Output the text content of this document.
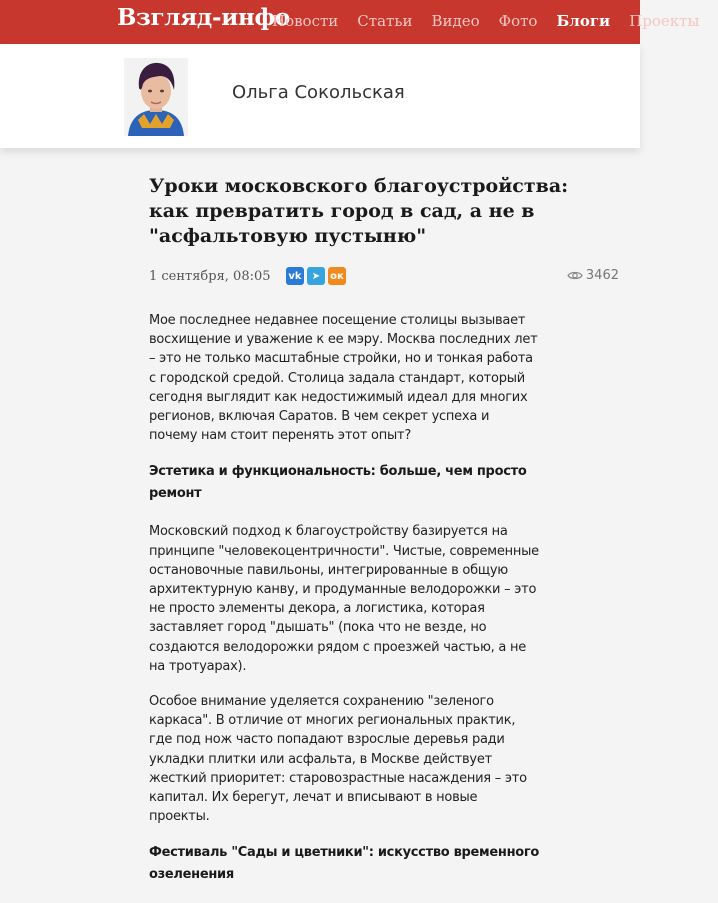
Взгляд-инфо
Новости Статьи Видео Фото Блоги Проекты
Ольга Сокольская
Уроки московского благоустройства: как превратить город в сад, а не в "асфальтовую пустыню"
1 сентября, 08:05 vk	➤ ок	3462

Мое последнее недавнее посещение столицы вызывает восхищение и уважение к ее мэру. Москва последних лет – это не только масштабные стройки, но и тонкая работа с городской средой. Столица задала стандарт, который сегодня выглядит как недостижимый идеал для многих регионов, включая Саратов. В чем секрет успеха и почему нам стоит перенять этот опыт?

Эстетика и функциональность: больше, чем просто ремонт

Московский подход к благоустройству базируется на принципе "человекоцентричности". Чистые, современные остановочные павильоны, интегрированные в общую архитектурную канву, и продуманные велодорожки – это не просто элементы декора, а логистика, которая заставляет город "дышать" (пока что не везде, но создаются велодорожки рядом с проезжей частью, а не на тротуарах).

Особое внимание уделяется сохранению "зеленого каркаса". В отличие от многих региональных практик, где под нож часто попадают взрослые деревья ради укладки плитки или асфальта, в Москве действует жесткий приоритет: старовозрастные насаждения – это капитал. Их берегут, лечат и вписывают в новые проекты.

Фестиваль "Сады и цветники": искусство временного озеленения
